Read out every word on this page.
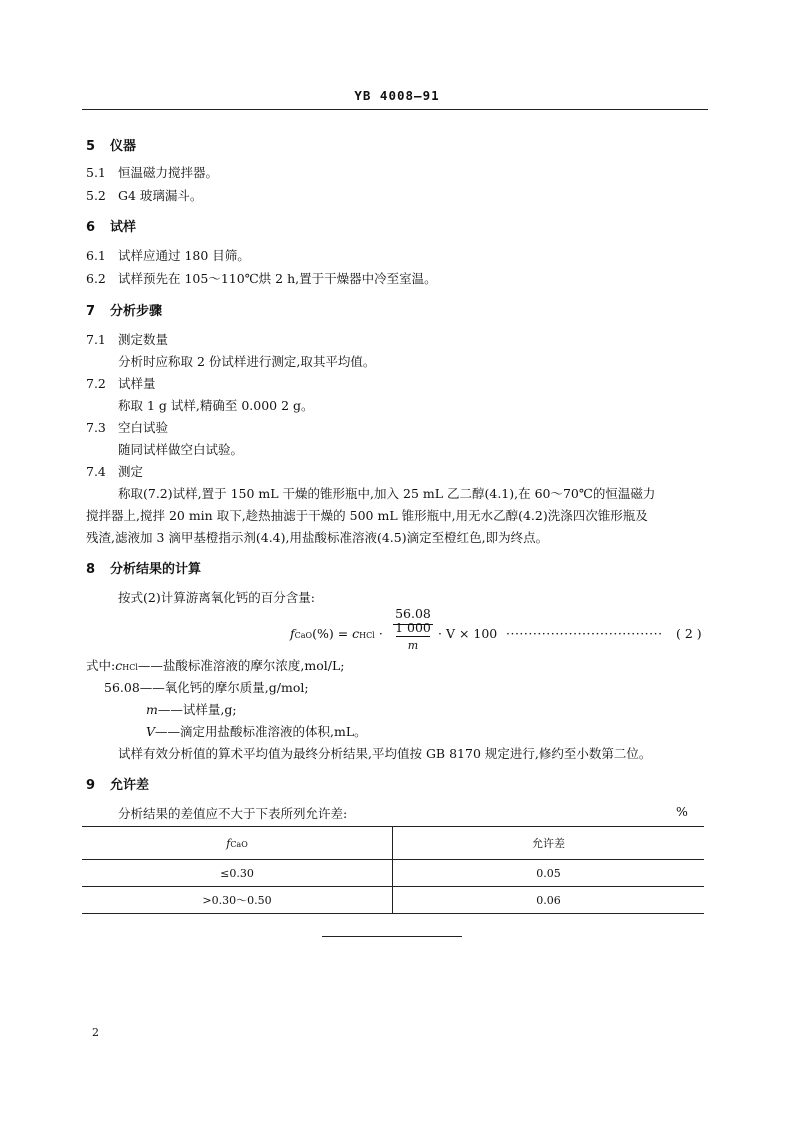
YB 4008—91
5 仪器
5.1 恒温磁力搅拌器。
5.2 G4 玻璃漏斗。
6 试样
6.1 试样应通过 180 目筛。
6.2 试样预先在 105～110℃烘 2 h,置于干燥器中冷至室温。
7 分析步骤
7.1 测定数量
分析时应称取 2 份试样进行测定,取其平均值。
7.2 试样量
称取 1 g 试样,精确至 0.000 2 g。
7.3 空白试验
随同试样做空白试验。
7.4 测定
称取(7.2)试样,置于 150 mL 干燥的锥形瓶中,加入 25 mL 乙二醇(4.1),在 60～70℃的恒温磁力
搅拌器上,搅拌 20 min 取下,趁热抽滤于干燥的 500 mL 锥形瓶中,用无水乙醇(4.2)洗涤四次锥形瓶及
残渣,滤液加 3 滴甲基橙指示剂(4.4),用盐酸标准溶液(4.5)滴定至橙红色,即为终点。
8 分析结果的计算
按式(2)计算游离氧化钙的百分含量:
fCaO(%) = cHCl ·
56.08
1 000
m
· V × 100 ··································· ( 2 )
式中:cHCl——盐酸标准溶液的摩尔浓度,mol/L;
56.08——氧化钙的摩尔质量,g/mol;
m——试样量,g;
V——滴定用盐酸标准溶液的体积,mL。
试样有效分析值的算术平均值为最终分析结果,平均值按 GB 8170 规定进行,修约至小数第二位。
9 允许差
分析结果的差值应不大于下表所列允许差:	%
fCaO	允许差
≤0.30	0.05
>0.30～0.50	0.06
2
